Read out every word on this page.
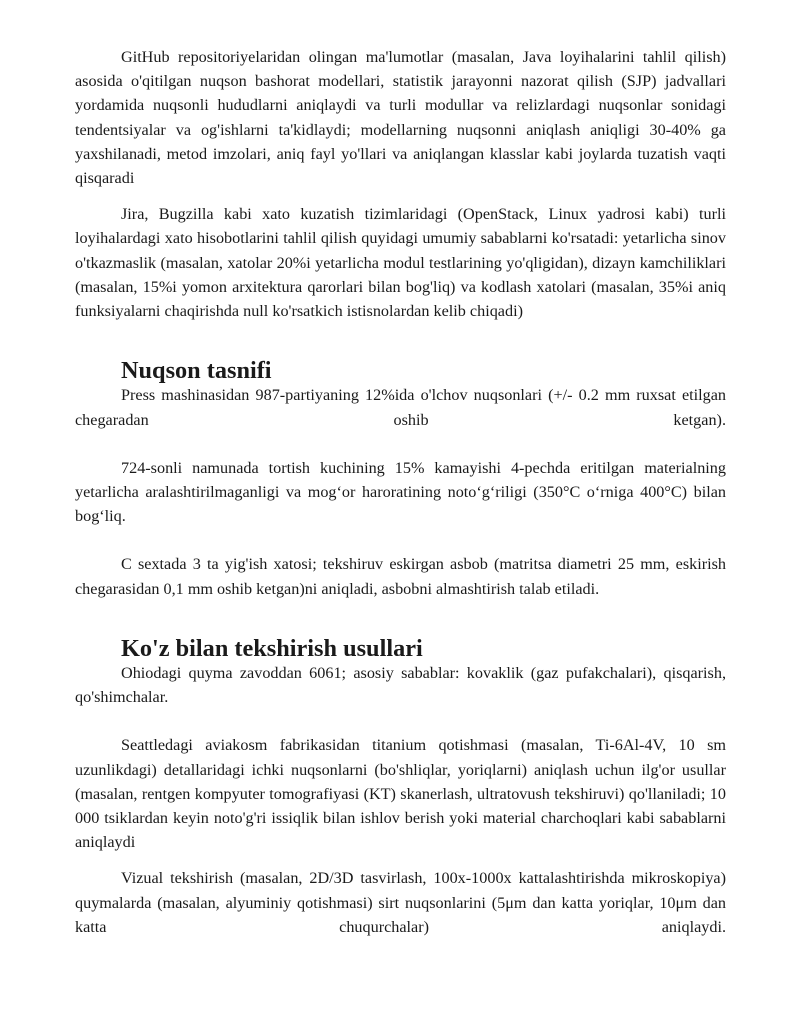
GitHub repositoriyelaridan olingan ma'lumotlar (masalan, Java loyihalarini tahlil qilish) asosida o'qitilgan nuqson bashorat modellari, statistik jarayonni nazorat qilish (SJP) jadvallari yordamida nuqsonli hududlarni aniqlaydi va turli modullar va relizlardagi nuqsonlar sonidagi tendentsiyalar va og'ishlarni ta'kidlaydi; modellarning nuqsonni aniqlash aniqligi 30-40% ga yaxshilanadi, metod imzolari, aniq fayl yo'llari va aniqlangan klasslar kabi joylarda tuzatish vaqti qisqaradi

Jira, Bugzilla kabi xato kuzatish tizimlaridagi (OpenStack, Linux yadrosi kabi) turli loyihalardagi xato hisobotlarini tahlil qilish quyidagi umumiy sabablarni ko'rsatadi: yetarlicha sinov o'tkazmaslik (masalan, xatolar 20%i yetarlicha modul testlarining yo'qligidan), dizayn kamchiliklari (masalan, 15%i yomon arxitektura qarorlari bilan bog'liq) va kodlash xatolari (masalan, 35%i aniq funksiyalarni chaqirishda null ko'rsatkich istisnolardan kelib chiqadi)

Nuqson tasnifi

Press mashinasidan 987-partiyaning 12%ida o'lchov nuqsonlari (+/- 0.2 mm ruxsat etilgan chegaradan oshib ketgan).

724-sonli namunada tortish kuchining 15% kamayishi 4-pechda eritilgan materialning yetarlicha aralashtirilmaganligi va mog‘or haroratining noto‘g‘riligi (350°C o‘rniga 400°C) bilan bog‘liq.

C sextada 3 ta yig'ish xatosi; tekshiruv eskirgan asbob (matritsa diametri 25 mm, eskirish chegarasidan 0,1 mm oshib ketgan)ni aniqladi, asbobni almashtirish talab etiladi.

Ko'z bilan tekshirish usullari

Ohiodagi quyma zavoddan 6061; asosiy sabablar: kovaklik (gaz pufakchalari), qisqarish, qo'shimchalar.

Seattledagi aviakosm fabrikasidan titanium qotishmasi (masalan, Ti-6Al-4V, 10 sm uzunlikdagi) detallaridagi ichki nuqsonlarni (bo'shliqlar, yoriqlarni) aniqlash uchun ilg'or usullar (masalan, rentgen kompyuter tomografiyasi (KT) skanerlash, ultratovush tekshiruvi) qo'llaniladi; 10 000 tsiklardan keyin noto'g'ri issiqlik bilan ishlov berish yoki material charchoqlari kabi sabablarni aniqlaydi

Vizual tekshirish (masalan, 2D/3D tasvirlash, 100x-1000x kattalashtirishda mikroskopiya) quymalarda (masalan, alyuminiy qotishmasi) sirt nuqsonlarini (5μm dan katta yoriqlar, 10μm dan katta chuqurchalar) aniqlaydi.
